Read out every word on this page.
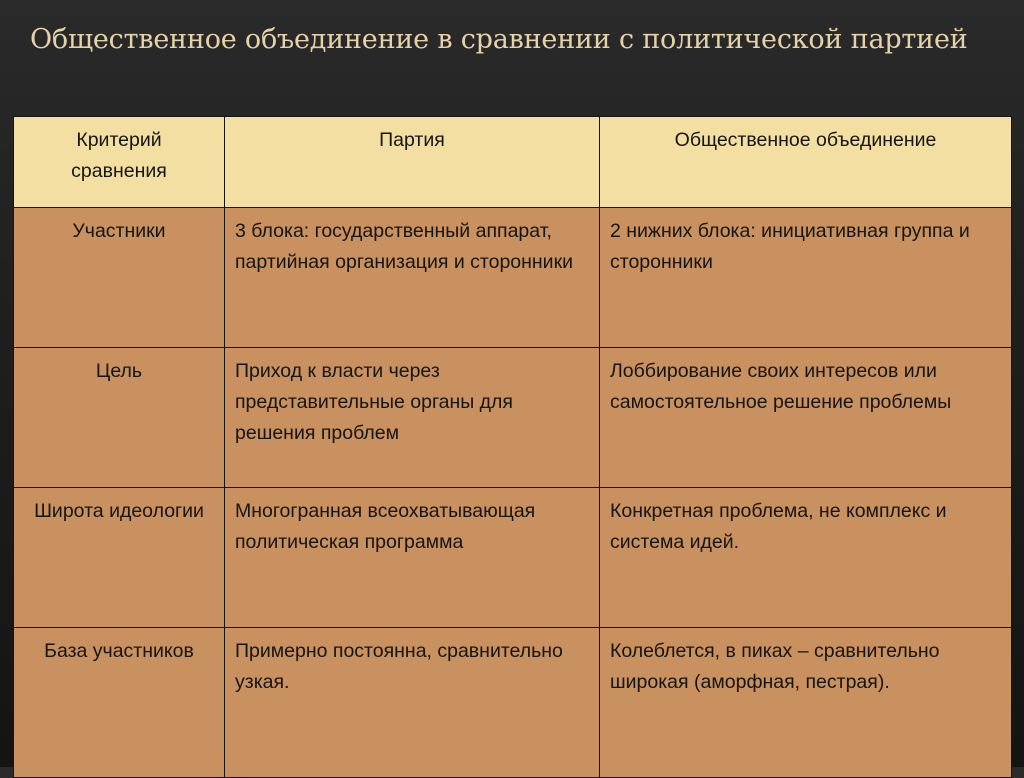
Общественное объединение в сравнении с политической партией
Критерий сравнения	Партия	Общественное объединение
Участники	3 блока: государственный аппарат, партийная организация и сторонники	2 нижних блока: инициативная группа и сторонники
Цель	Приход к власти через представительные органы для решения проблем	Лоббирование своих интересов или самостоятельное решение проблемы
Широта идеологии	Многогранная всеохватывающая политическая программа	Конкретная проблема, не комплекс и система идей.
База участников	Примерно постоянна, сравнительно узкая.	Колеблется, в пиках – сравнительно широкая (аморфная, пестрая).
